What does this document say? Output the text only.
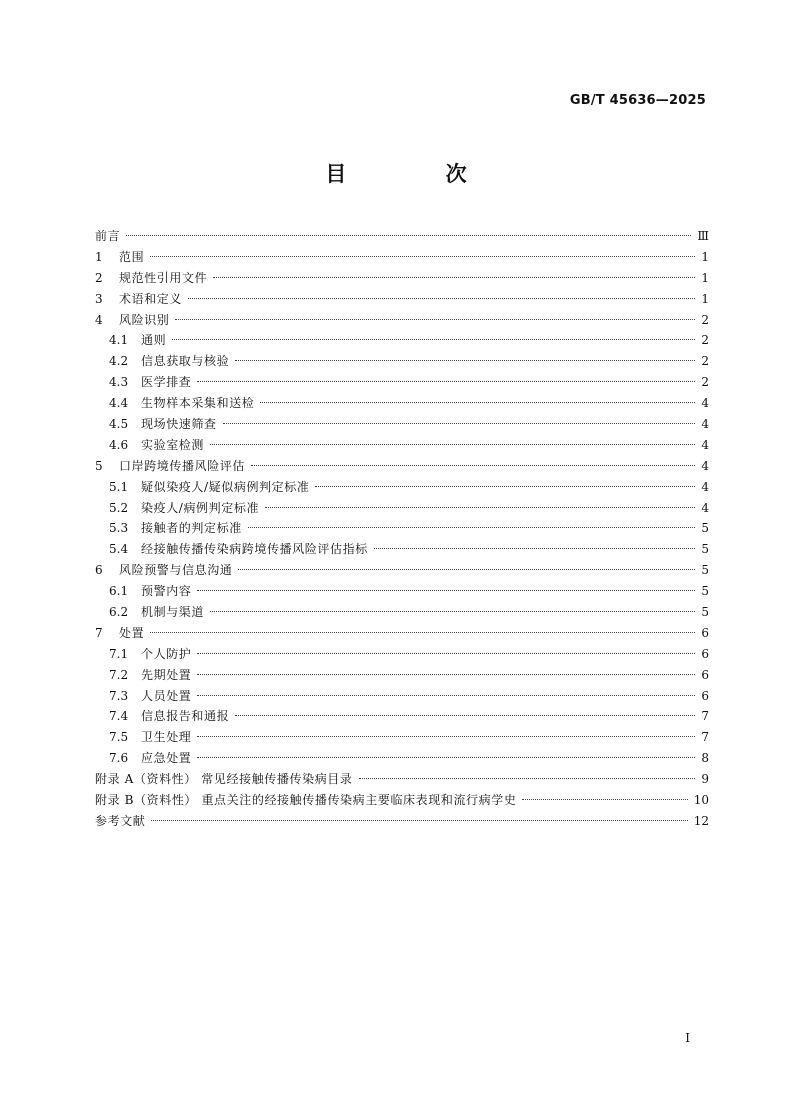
GB/T 45636—2025
目 次
前言	Ⅲ
1	范围	1
2	规范性引用文件	1
3	术语和定义	1
4	风险识别	2
4.1 通则	2
4.2 信息获取与核验	2
4.3 医学排查	2
4.4 生物样本采集和送检	4
4.5 现场快速筛查	4
4.6 实验室检测	4
5	口岸跨境传播风险评估	4
5.1 疑似染疫人/疑似病例判定标准	4
5.2 染疫人/病例判定标准	4
5.3 接触者的判定标准	5
5.4 经接触传播传染病跨境传播风险评估指标	5
6	风险预警与信息沟通	5
6.1 预警内容	5
6.2 机制与渠道	5
7	处置	6
7.1 个人防护	6
7.2 先期处置	6
7.3 人员处置	6
7.4 信息报告和通报	7
7.5 卫生处理	7
7.6 应急处置	8
附录 A（资料性） 常见经接触传播传染病目录	9
附录 B（资料性） 重点关注的经接触传播传染病主要临床表现和流行病学史	10
参考文献	12
I
